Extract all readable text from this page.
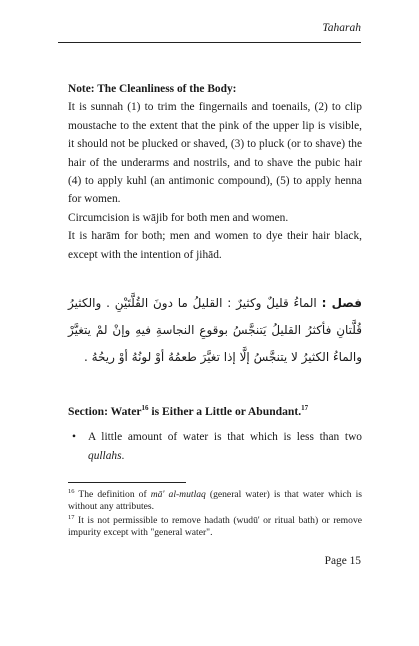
Taharah

Note: The Cleanliness of the Body:

It is sunnah (1) to trim the fingernails and toenails, (2) to clip moustache to the extent that the pink of the upper lip is visible, it should not be plucked or shaved, (3) to pluck (or to shave) the hair of the underarms and nostrils, and to shave the pubic hair (4) to apply kuhl (an antimonic compound), (5) to apply henna for women.

Circumcision is wājib for both men and women.

It is harām for both; men and women to dye their hair black, except with the intention of jihād.

فصل : الماءُ قليلٌ وكثيرٌ : القليلُ ما دونَ القُلَّتَيْنِ . والكثيرُ قُلَّتانِ فأكثرُ القليلُ يَتنجَّسُ بوقوعِ النجاسةِ فيهِ وإنْ لمْ يتغيَّرْ والماءُ الكثيرُ لا يتنجَّسُ إلَّا إذا تغيَّرَ طعمُهُ أوْ لونُهُ أوْ ريحُهُ .
Section: Water$^{16}$ is Either a Little or Abundant.$^{17}$
• A little amount of water is that which is less than two qullahs.

$^{16}$ The definition of mā' al-mutlaq (general water) is that water which is without any attributes.

$^{17}$ It is not permissible to remove hadath (wudū' or ritual bath) or remove impurity except with "general water".

Page 15
